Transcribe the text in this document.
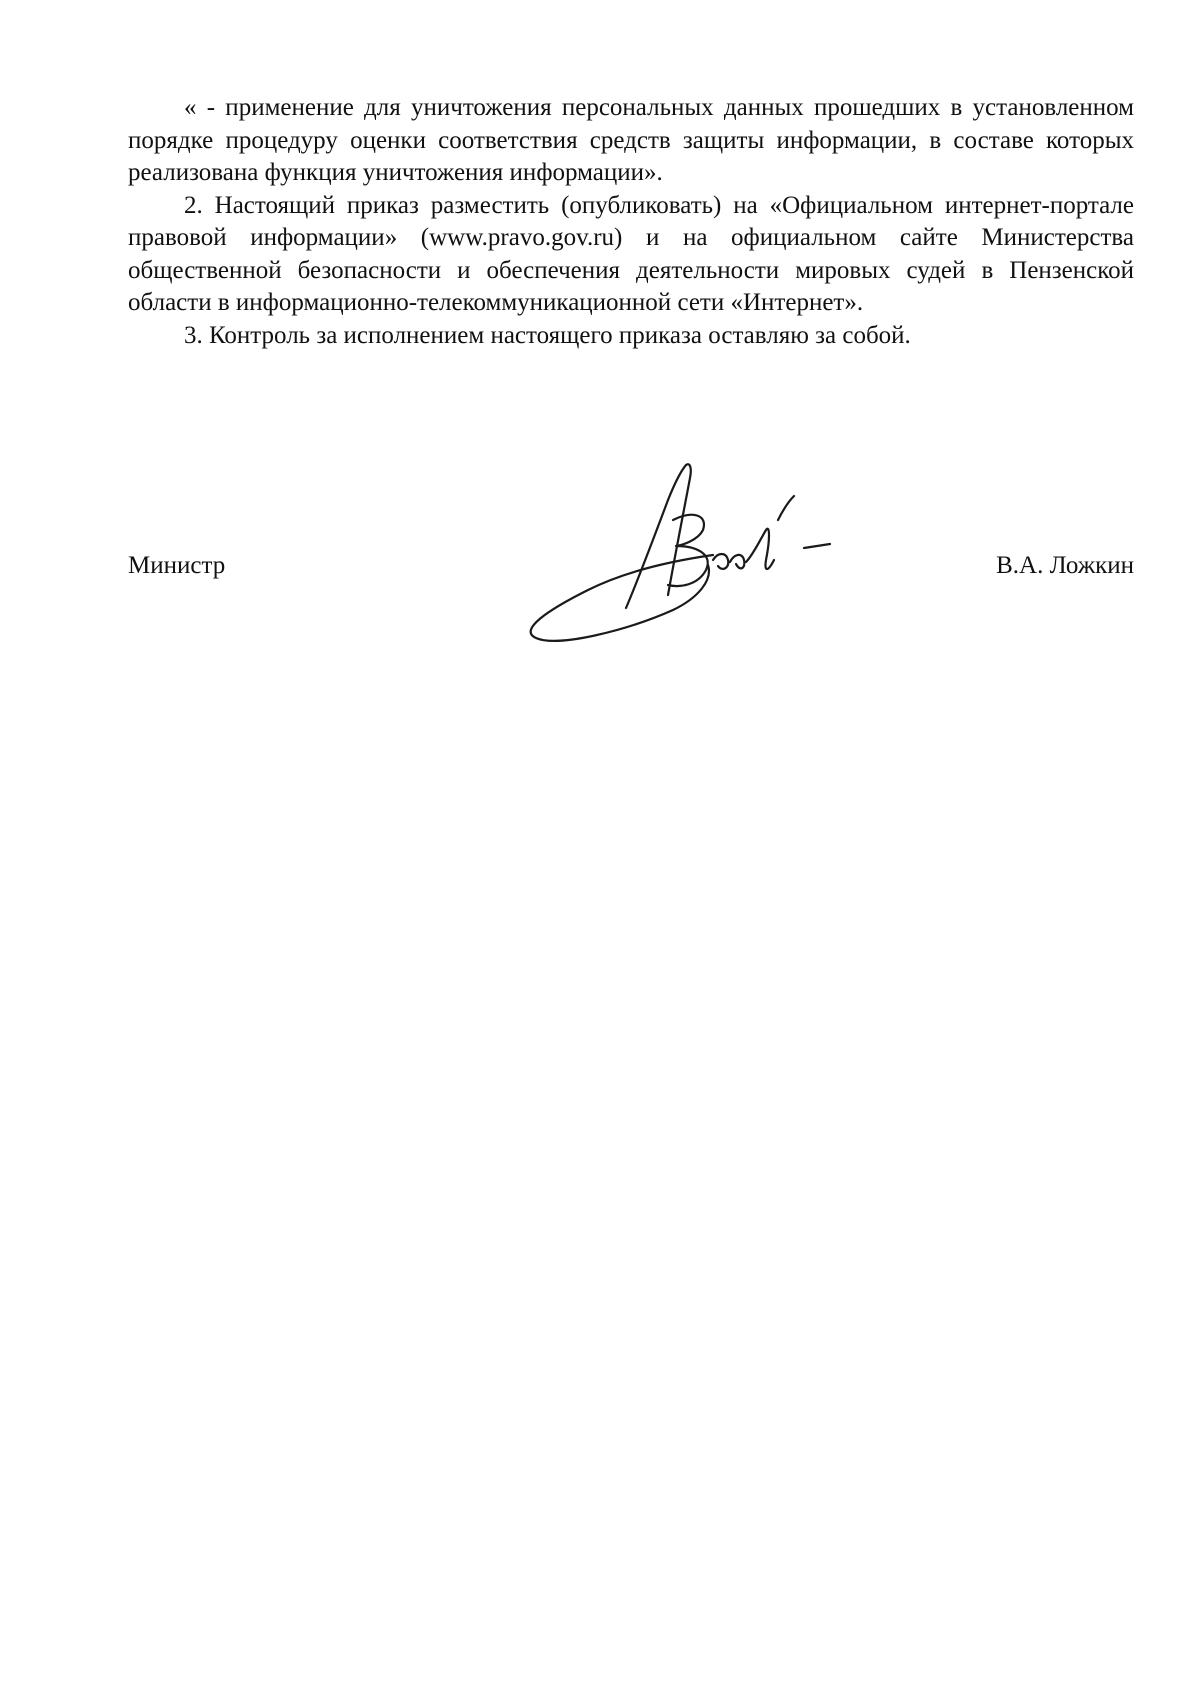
« - применение для уничтожения персональных данных прошедших в установленном порядке процедуру оценки соответствия средств защиты информации, в составе которых реализована функция уничтожения информации».

2. Настоящий приказ разместить (опубликовать) на «Официальном интернет-портале правовой информации» (www.pravo.gov.ru) и на официальном сайте Министерства общественной безопасности и обеспечения деятельности мировых судей в Пензенской области в информационно-телекоммуникационной сети «Интернет».

3. Контроль за исполнением настоящего приказа оставляю за собой.

Министр	В.А. Ложкин
